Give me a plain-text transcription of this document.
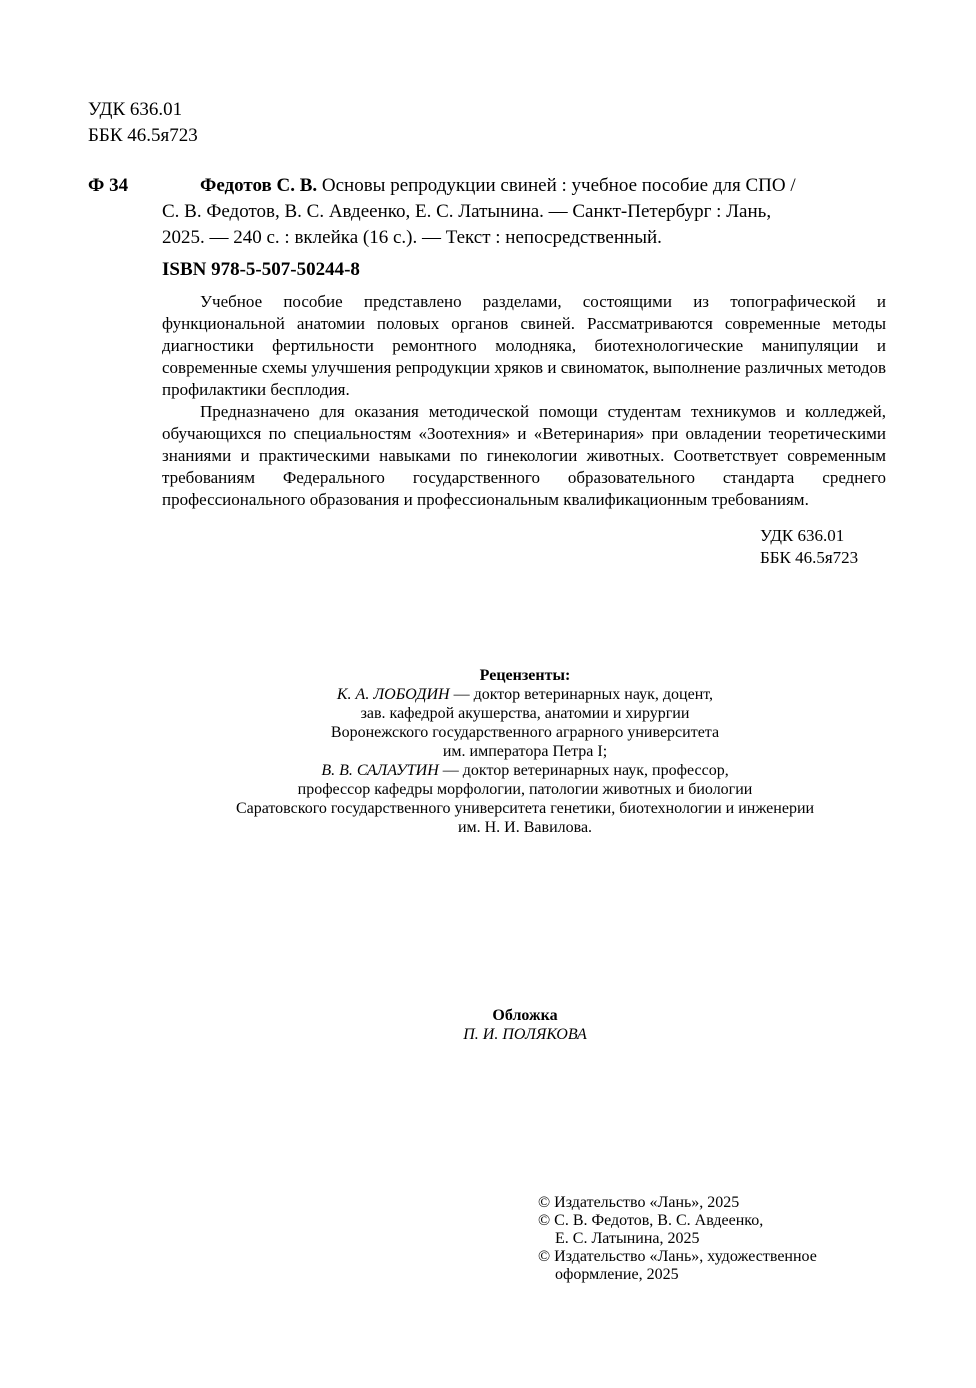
УДК 636.01
ББК 46.5я723
Ф 34	Федотов С. В. Основы репродукции свиней : учебное пособие для СПО /
С. В. Федотов, В. С. Авдеенко, Е. С. Латынина. — Санкт-Петербург : Лань,
2025. — 240 с. : вклейка (16 с.). — Текст : непосредственный.
ISBN 978-5-507-50244-8

Учебное пособие представлено разделами, состоящими из топографической и функциональной анатомии половых органов свиней. Рассматриваются современные методы диагностики фертильности ремонтного молодняка, биотехнологические манипуляции и современные схемы улучшения репродукции хряков и свиноматок, выполнение различных методов профилактики бесплодия.

Предназначено для оказания методической помощи студентам техникумов и колледжей, обучающихся по специальностям «Зоотехния» и «Ветеринария» при овладении теоретическими знаниями и практическими навыками по гинекологии животных. Соответствует современным требованиям Федерального государственного образовательного стандарта среднего профессионального образования и профессиональным квалификационным требованиям.

УДК 636.01
ББК 46.5я723
Рецензенты:
К. А. ЛОБОДИН — доктор ветеринарных наук, доцент,
зав. кафедрой акушерства, анатомии и хирургии
Воронежского государственного аграрного университета
им. императора Петра I;
В. В. САЛАУТИН — доктор ветеринарных наук, профессор,
профессор кафедры морфологии, патологии животных и биологии
Саратовского государственного университета генетики, биотехнологии и инженерии
им. Н. И. Вавилова.
Обложка
П. И. ПОЛЯКОВА
© Издательство «Лань», 2025
© С. В. Федотов, В. С. Авдеенко,
Е. С. Латынина, 2025
© Издательство «Лань», художественное
оформление, 2025
